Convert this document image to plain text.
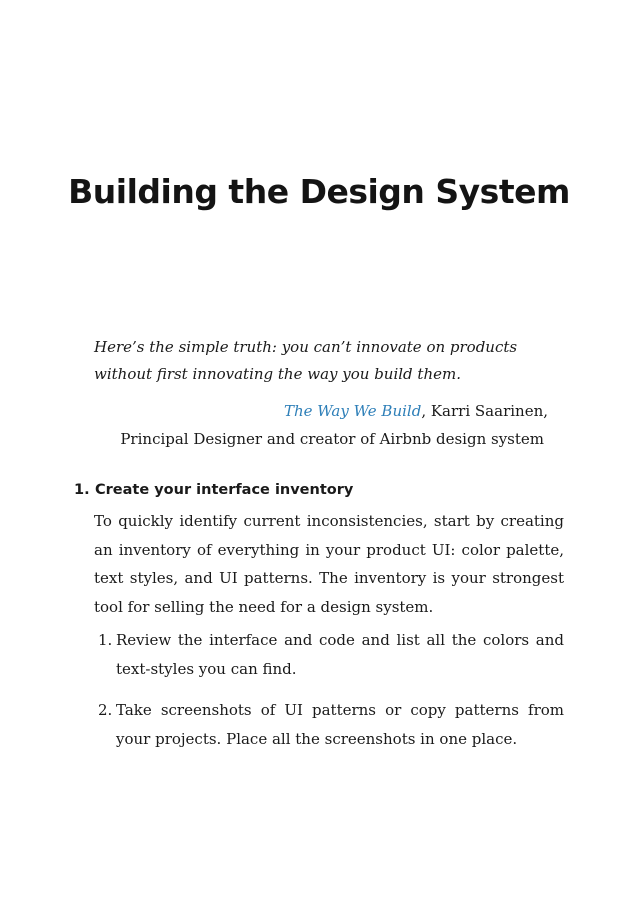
Building the Design System

Here’s the simple truth: you can’t innovate on products without first innovating the way you build them.

The Way We Build, Karri Saarinen,
Principal Designer and creator of Airbnb design system
1. Create your interface inventory

To quickly identify current inconsistencies, start by creating an inventory of everything in your product UI: color palette, text styles, and UI patterns. The inventory is your strongest tool for selling the need for a design system.

1. Review the interface and code and list all the colors and text-styles you can find.
2. Take screenshots of UI patterns or copy patterns from your projects. Place all the screenshots in one place.
